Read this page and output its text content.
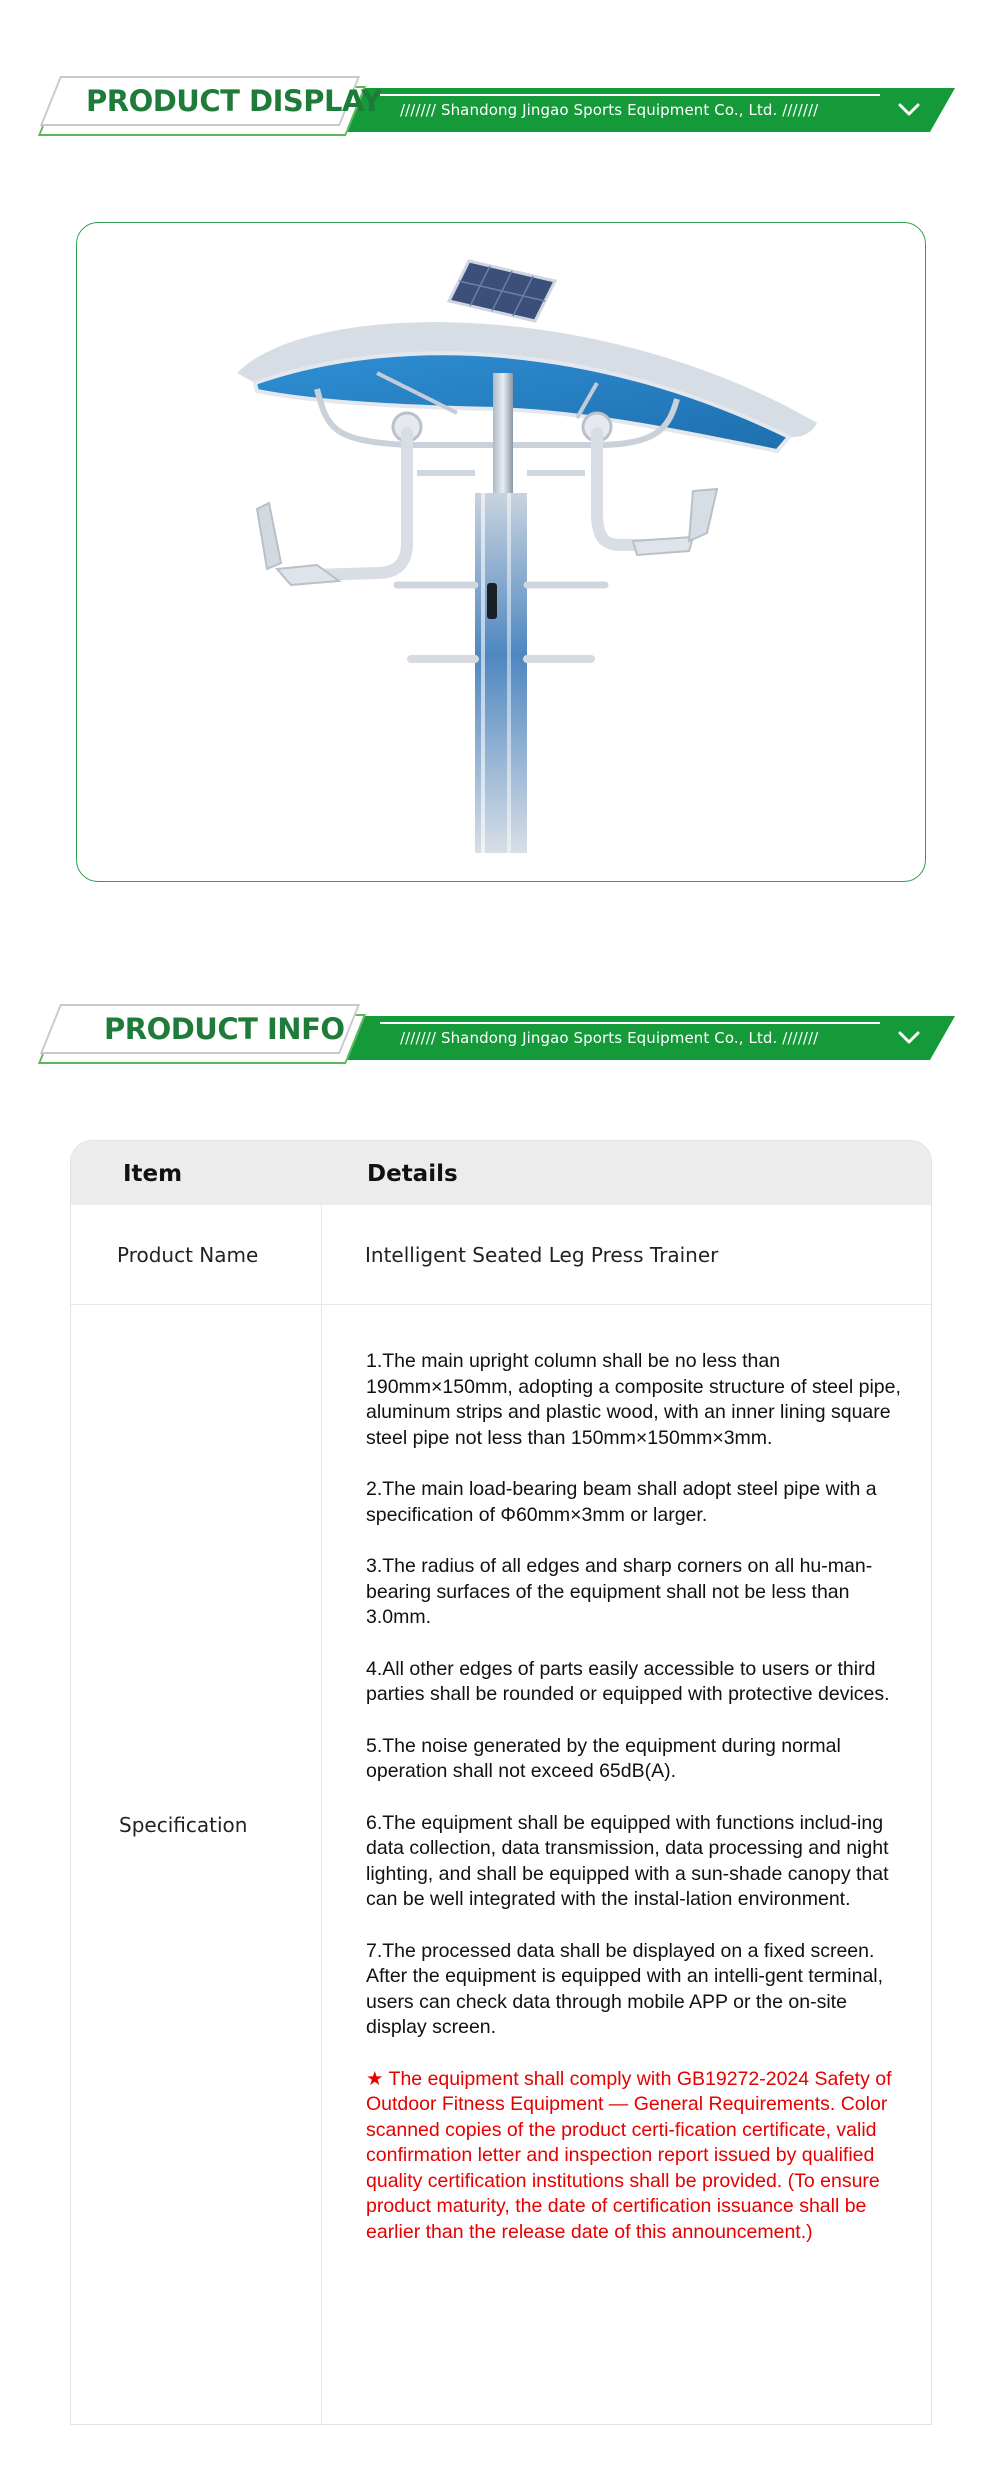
/////// Shandong Jingao Sports Equipment Co., Ltd. ///////
PRODUCT DISPLAY
/////// Shandong Jingao Sports Equipment Co., Ltd. ///////
PRODUCT INFO
Item	Details
Product Name	Intelligent Seated Leg Press Trainer
Specification

1.The main upright column shall be no less than 190mm×150mm, adopting a composite structure of steel pipe, aluminum strips and plastic wood, with an inner lining square steel pipe not less than 150mm×150mm×3mm.

2.The main load-bearing beam shall adopt steel pipe with a specification of Φ60mm×3mm or larger.

3.The radius of all edges and sharp corners on all hu-man-bearing surfaces of the equipment shall not be less than 3.0mm.

4.All other edges of parts easily accessible to users or third parties shall be rounded or equipped with protective devices.

5.The noise generated by the equipment during normal operation shall not exceed 65dB(A).

6.The equipment shall be equipped with functions includ-ing data collection, data transmission, data processing and night lighting, and shall be equipped with a sun-shade canopy that can be well integrated with the instal-lation environment.

7.The processed data shall be displayed on a fixed screen. After the equipment is equipped with an intelli-gent terminal, users can check data through mobile APP or the on-site display screen.

★ The equipment shall comply with GB19272-2024 Safety of Outdoor Fitness Equipment — General Requirements. Color scanned copies of the product certi-fication certificate, valid confirmation letter and inspection report issued by qualified quality certification institutions shall be provided. (To ensure product maturity, the date of certification issuance shall be earlier than the release date of this announcement.)
